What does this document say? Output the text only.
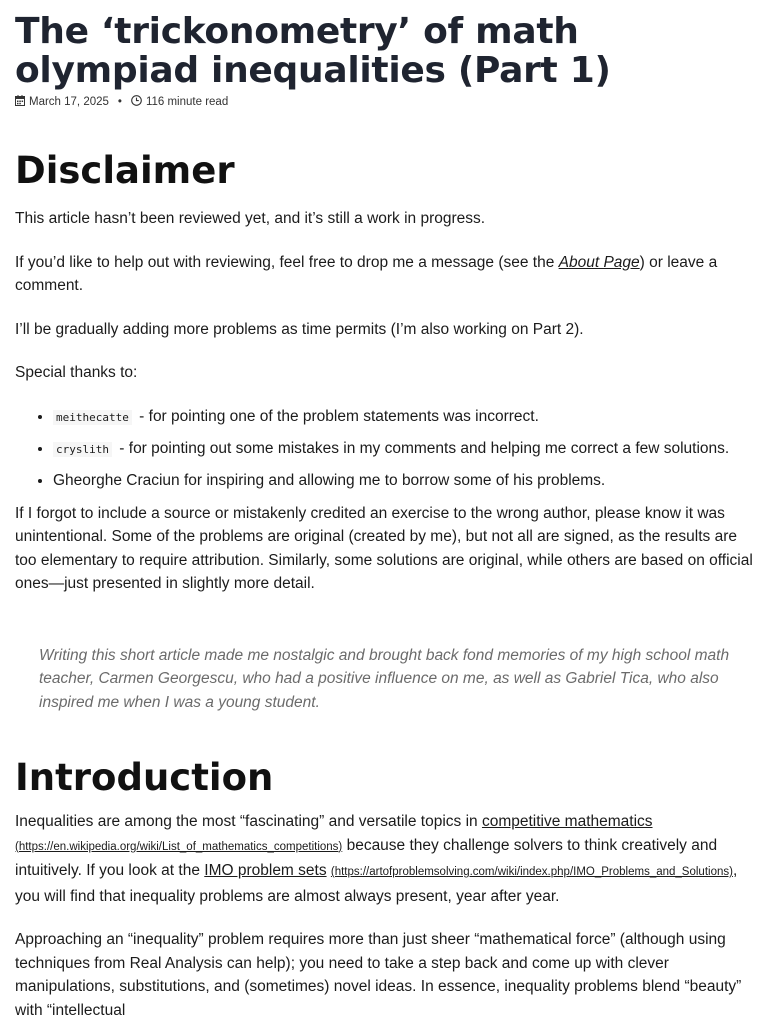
The ‘trickonometry’ of math olympiad inequalities (Part 1)
March 17, 2025 • 116 minute read
Disclaimer

This article hasn’t been reviewed yet, and it’s still a work in progress.

If you’d like to help out with reviewing, feel free to drop me a message (see the About Page) or leave a comment.

I’ll be gradually adding more problems as time permits (I’m also working on Part 2).

Special thanks to:

• meithecatte - for pointing one of the problem statements was incorrect.
• cryslith - for pointing out some mistakes in my comments and helping me correct a few solutions.
• Gheorghe Craciun for inspiring and allowing me to borrow some of his problems.

If I forgot to include a source or mistakenly credited an exercise to the wrong author, please know it was unintentional. Some of the problems are original (created by me), but not all are signed, as the results are too elementary to require attribution. Similarly, some solutions are original, while others are based on official ones—just presented in slightly more detail.

Writing this short article made me nostalgic and brought back fond memories of my high school math teacher, Carmen Georgescu, who had a positive influence on me, as well as Gabriel Tica, who also inspired me when I was a young student.
Introduction

Inequalities are among the most “fascinating” and versatile topics in competitive mathematics (https://en.wikipedia.org/wiki/List_of_mathematics_competitions) because they challenge solvers to think creatively and intuitively. If you look at the IMO problem sets (https://artofproblemsolving.com/wiki/index.php/IMO_Problems_and_Solutions), you will find that inequality problems are almost always present, year after year.

Approaching an “inequality” problem requires more than just sheer “mathematical force” (although using techniques from Real Analysis can help); you need to take a step back and come up with clever manipulations, substitutions, and (sometimes) novel ideas. In essence, inequality problems blend “beauty” with “intellectual
